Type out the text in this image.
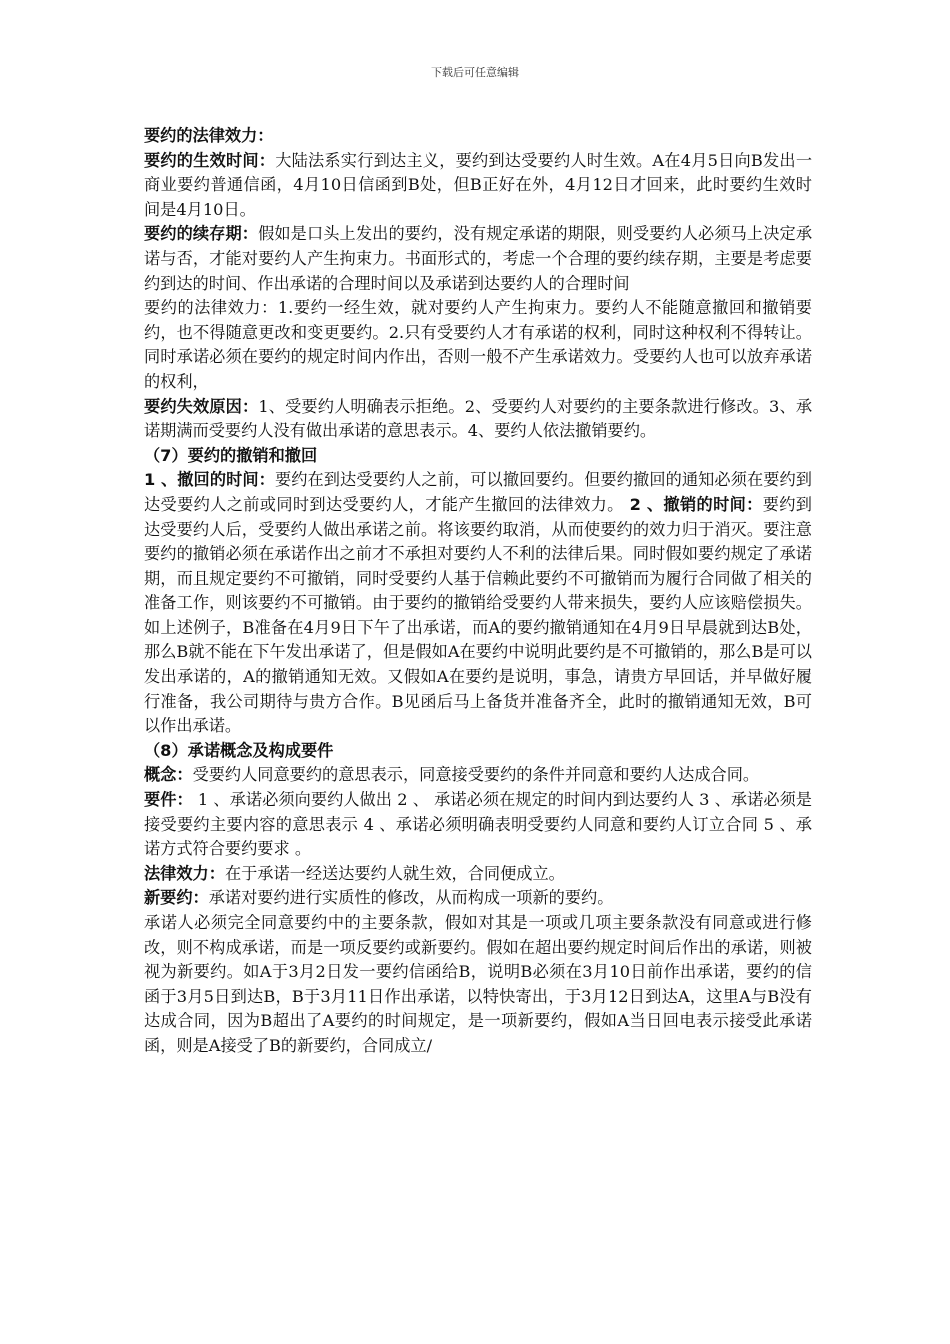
下载后可任意编辑

要约的法律效力：

要约的生效时间：大陆法系实行到达主义，要约到达受要约人时生效。A在4月5日向B发出一商业要约普通信函，4月10日信函到B处，但B正好在外，4月12日才回来，此时要约生效时间是4月10日。

要约的续存期：假如是口头上发出的要约，没有规定承诺的期限，则受要约人必须马上决定承诺与否，才能对要约人产生拘束力。书面形式的，考虑一个合理的要约续存期，主要是考虑要约到达的时间、作出承诺的合理时间以及承诺到达要约人的合理时间

要约的法律效力：1.要约一经生效，就对要约人产生拘束力。要约人不能随意撤回和撤销要约，也不得随意更改和变更要约。2.只有受要约人才有承诺的权利，同时这种权利不得转让。同时承诺必须在要约的规定时间内作出，否则一般不产生承诺效力。受要约人也可以放弃承诺的权利，

要约失效原因：1、受要约人明确表示拒绝。2、受要约人对要约的主要条款进行修改。3、承诺期满而受要约人没有做出承诺的意思表示。4、要约人依法撤销要约。

（7）要约的撤销和撤回

1 、撤回的时间：要约在到达受要约人之前，可以撤回要约。但要约撤回的通知必须在要约到达受要约人之前或同时到达受要约人，才能产生撤回的法律效力。 2 、撤销的时间：要约到达受要约人后，受要约人做出承诺之前。将该要约取消，从而使要约的效力归于消灭。要注意要约的撤销必须在承诺作出之前才不承担对要约人不利的法律后果。同时假如要约规定了承诺期，而且规定要约不可撤销，同时受要约人基于信赖此要约不可撤销而为履行合同做了相关的准备工作，则该要约不可撤销。由于要约的撤销给受要约人带来损失，要约人应该赔偿损失。如上述例子，B准备在4月9日下午了出承诺，而A的要约撤销通知在4月9日早晨就到达B处，那么B就不能在下午发出承诺了，但是假如A在要约中说明此要约是不可撤销的，那么B是可以发出承诺的，A的撤销通知无效。又假如A在要约是说明，事急，请贵方早回话，并早做好履行准备，我公司期待与贵方合作。B见函后马上备货并准备齐全，此时的撤销通知无效，B可以作出承诺。

（8）承诺概念及构成要件

概念：受要约人同意要约的意思表示，同意接受要约的条件并同意和要约人达成合同。

要件： 1 、承诺必须向要约人做出 2 、 承诺必须在规定的时间内到达要约人 3 、承诺必须是接受要约主要内容的意思表示 4 、承诺必须明确表明受要约人同意和要约人订立合同 5 、承诺方式符合要约要求 。

法律效力：在于承诺一经送达要约人就生效，合同便成立。

新要约：承诺对要约进行实质性的修改，从而构成一项新的要约。

承诺人必须完全同意要约中的主要条款，假如对其是一项或几项主要条款没有同意或进行修改，则不构成承诺，而是一项反要约或新要约。假如在超出要约规定时间后作出的承诺，则被视为新要约。如A于3月2日发一要约信函给B，说明B必须在3月10日前作出承诺，要约的信函于3月5日到达B，B于3月11日作出承诺，以特快寄出，于3月12日到达A，这里A与B没有达成合同，因为B超出了A要约的时间规定，是一项新要约，假如A当日回电表示接受此承诺函，则是A接受了B的新要约，合同成立/
